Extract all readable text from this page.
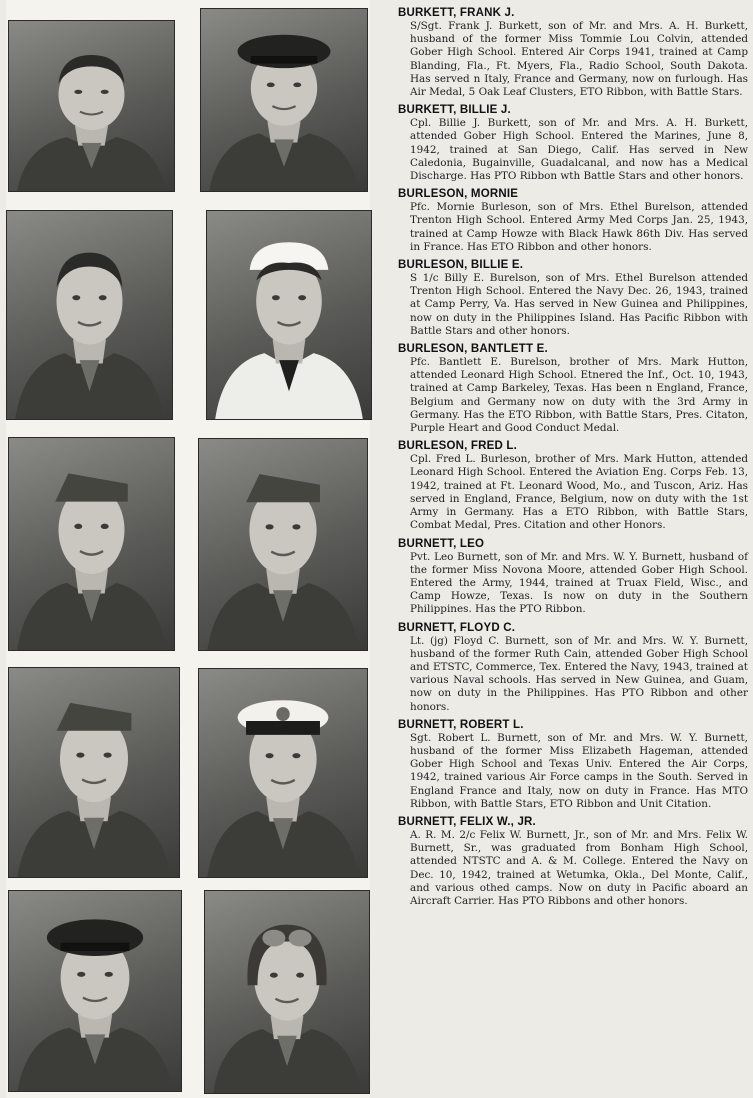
BURKETT, FRANK J.
S/Sgt. Frank J. Burkett, son of Mr. and Mrs. A. H. Burkett, husband of the former Miss Tommie Lou Colvin, attended Gober High School. Entered Air Corps 1941, trained at Camp Blanding, Fla., Ft. Myers, Fla., Radio School, South Dakota. Has served n Italy, France and Germany, now on furlough. Has Air Medal, 5 Oak Leaf Clusters, ETO Ribbon, with Battle Stars.
BURKETT, BILLIE J.
Cpl. Billie J. Burkett, son of Mr. and Mrs. A. H. Burkett, attended Gober High School. Entered the Marines, June 8, 1942, trained at San Diego, Calif. Has served in New Caledonia, Bugainville, Guadalcanal, and now has a Medical Discharge. Has PTO Ribbon wth Battle Stars and other honors.
BURLESON, MORNIE
Pfc. Mornie Burleson, son of Mrs. Ethel Burelson, attended Trenton High School. Entered Army Med Corps Jan. 25, 1943, trained at Camp Howze with Black Hawk 86th Div. Has served in France. Has ETO Ribbon and other honors.
BURLESON, BILLIE E.
S 1/c Billy E. Burelson, son of Mrs. Ethel Burelson attended Trenton High School. Entered the Navy Dec. 26, 1943, trained at Camp Perry, Va. Has served in New Guinea and Philippines, now on duty in the Philippines Island. Has Pacific Ribbon with Battle Stars and other honors.
BURLESON, BANTLETT E.
Pfc. Bantlett E. Burelson, brother of Mrs. Mark Hutton, attended Leonard High School. Etnered the Inf., Oct. 10, 1943, trained at Camp Barkeley, Texas. Has been n England, France, Belgium and Germany now on duty with the 3rd Army in Germany. Has the ETO Ribbon, with Battle Stars, Pres. Citaton, Purple Heart and Good Conduct Medal.
BURLESON, FRED L.
Cpl. Fred L. Burleson, brother of Mrs. Mark Hutton, attended Leonard High School. Entered the Aviation Eng. Corps Feb. 13, 1942, trained at Ft. Leonard Wood, Mo., and Tuscon, Ariz. Has served in England, France, Belgium, now on duty with the 1st Army in Germany. Has a ETO Ribbon, with Battle Stars, Combat Medal, Pres. Citation and other Honors.
BURNETT, LEO
Pvt. Leo Burnett, son of Mr. and Mrs. W. Y. Burnett, husband of the former Miss Novona Moore, attended Gober High School. Entered the Army, 1944, trained at Truax Field, Wisc., and Camp Howze, Texas. Is now on duty in the Southern Philippines. Has the PTO Ribbon.
BURNETT, FLOYD C.
Lt. (jg) Floyd C. Burnett, son of Mr. and Mrs. W. Y. Burnett, husband of the former Ruth Cain, attended Gober High School and ETSTC, Commerce, Tex. Entered the Navy, 1943, trained at various Naval schools. Has served in New Guinea, and Guam, now on duty in the Philippines. Has PTO Ribbon and other honors.
BURNETT, ROBERT L.
Sgt. Robert L. Burnett, son of Mr. and Mrs. W. Y. Burnett, husband of the former Miss Elizabeth Hageman, attended Gober High School and Texas Univ. Entered the Air Corps, 1942, trained various Air Force camps in the South. Served in England France and Italy, now on duty in France. Has MTO Ribbon, with Battle Stars, ETO Ribbon and Unit Citation.
BURNETT, FELIX W., JR.
A. R. M. 2/c Felix W. Burnett, Jr., son of Mr. and Mrs. Felix W. Burnett, Sr., was graduated from Bonham High School, attended NTSTC and A. & M. College. Entered the Navy on Dec. 10, 1942, trained at Wetumka, Okla., Del Monte, Calif., and various othed camps. Now on duty in Pacific aboard an Aircraft Carrier. Has PTO Ribbons and other honors.
